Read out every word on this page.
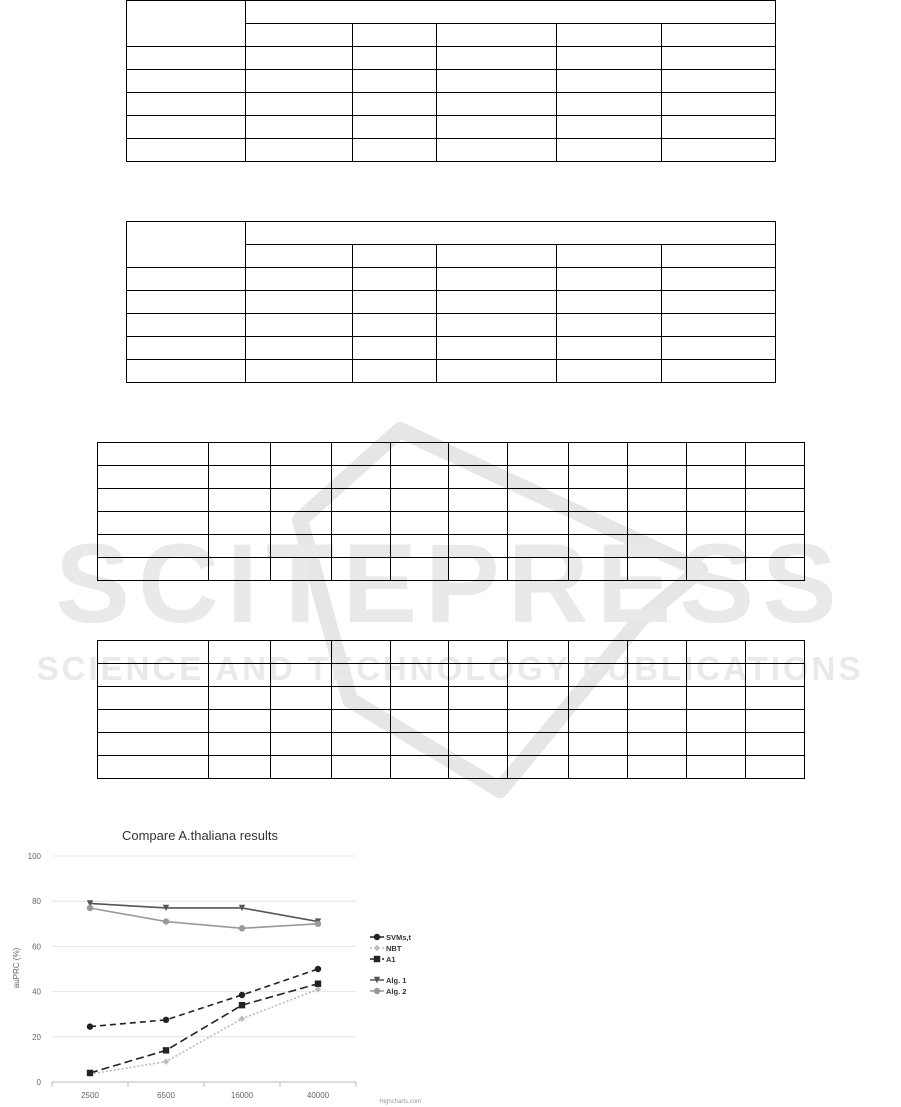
SCITEPRESS
SCIENCE AND TECHNOLOGY PUBLICATIONS

Compare A.thaliana results
auPRC (%)
Highcharts.com
0
20
40
60
80
100
2500	6500	16000	40000
SVMs,t
NBT
A1
Alg. 1
Alg. 2
